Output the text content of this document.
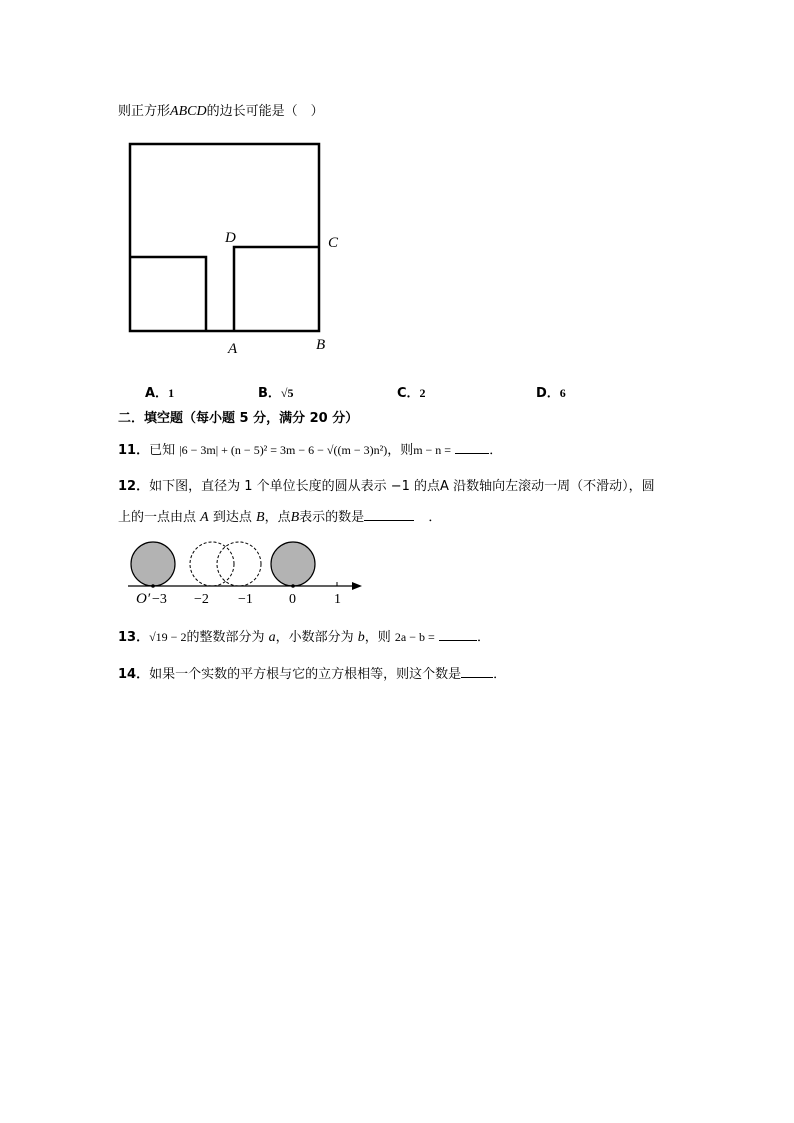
则正方形ABCD的边长可能是（　）
D	C
A	B
A．1	B．√5	C．2	D．6
二．填空题（每小题 5 分，满分 20 分）
11．已知 |6 − 3m| + (n − 5)² = 3m − 6 − √((m − 3)n²)，则m − n =	．
12．如下图，直径为 1 个单位长度的圆从表示 −1 的点A 沿数轴向左滚动一周（不滑动），圆
上的一点由点 A 到达点 B，点B表示的数是	．
O′ −3 −2 −1	0	1
13．√19 − 2的整数部分为 a，小数部分为 b，则 2a − b =	．
14．如果一个实数的平方根与它的立方根相等，则这个数是 ．
